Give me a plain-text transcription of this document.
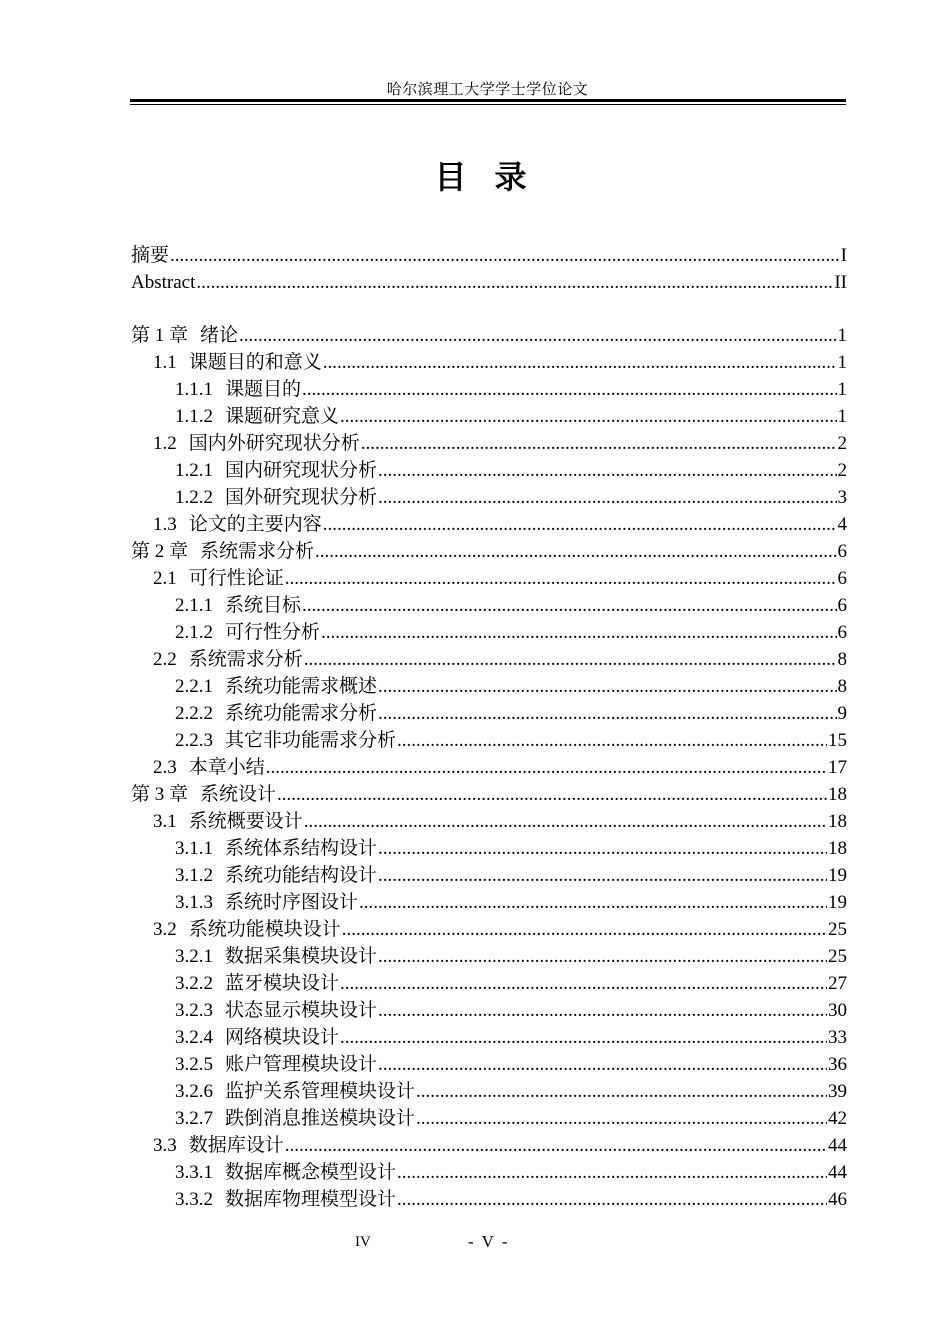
哈尔滨理工大学学士学位论文
目录
摘要 .....	I
Abstract .....	II
第 1 章 绪论 .....	1
1.1 课题目的和意义 .....	1
1.1.1 课题目的 .....	1
1.1.2 课题研究意义 .....	1
1.2 国内外研究现状分析 .....	2
1.2.1 国内研究现状分析 .....	2
1.2.2 国外研究现状分析 .....	3
1.3 论文的主要内容 .....	4
第 2 章 系统需求分析 .....	6
2.1 可行性论证 .....	6
2.1.1 系统目标 .....	6
2.1.2 可行性分析 .....	6
2.2 系统需求分析 .....	8
2.2.1 系统功能需求概述 .....	8
2.2.2 系统功能需求分析 .....	9
2.2.3 其它非功能需求分析 .....	15
2.3 本章小结 .....	17
第 3 章 系统设计 .....	18
3.1 系统概要设计 .....	18
3.1.1 系统体系结构设计 .....	18
3.1.2 系统功能结构设计 .....	19
3.1.3 系统时序图设计 .....	19
3.2 系统功能模块设计 .....	25
3.2.1 数据采集模块设计 .....	25
3.2.2 蓝牙模块设计 .....	27
3.2.3 状态显示模块设计 .....	30
3.2.4 网络模块设计 .....	33
3.2.5 账户管理模块设计 .....	36
3.2.6 监护关系管理模块设计 .....	39
3.2.7 跌倒消息推送模块设计 .....	42
3.3 数据库设计 .....	44
3.3.1 数据库概念模型设计 .....	44
3.3.2 数据库物理模型设计 .....	46
IV	- V -
